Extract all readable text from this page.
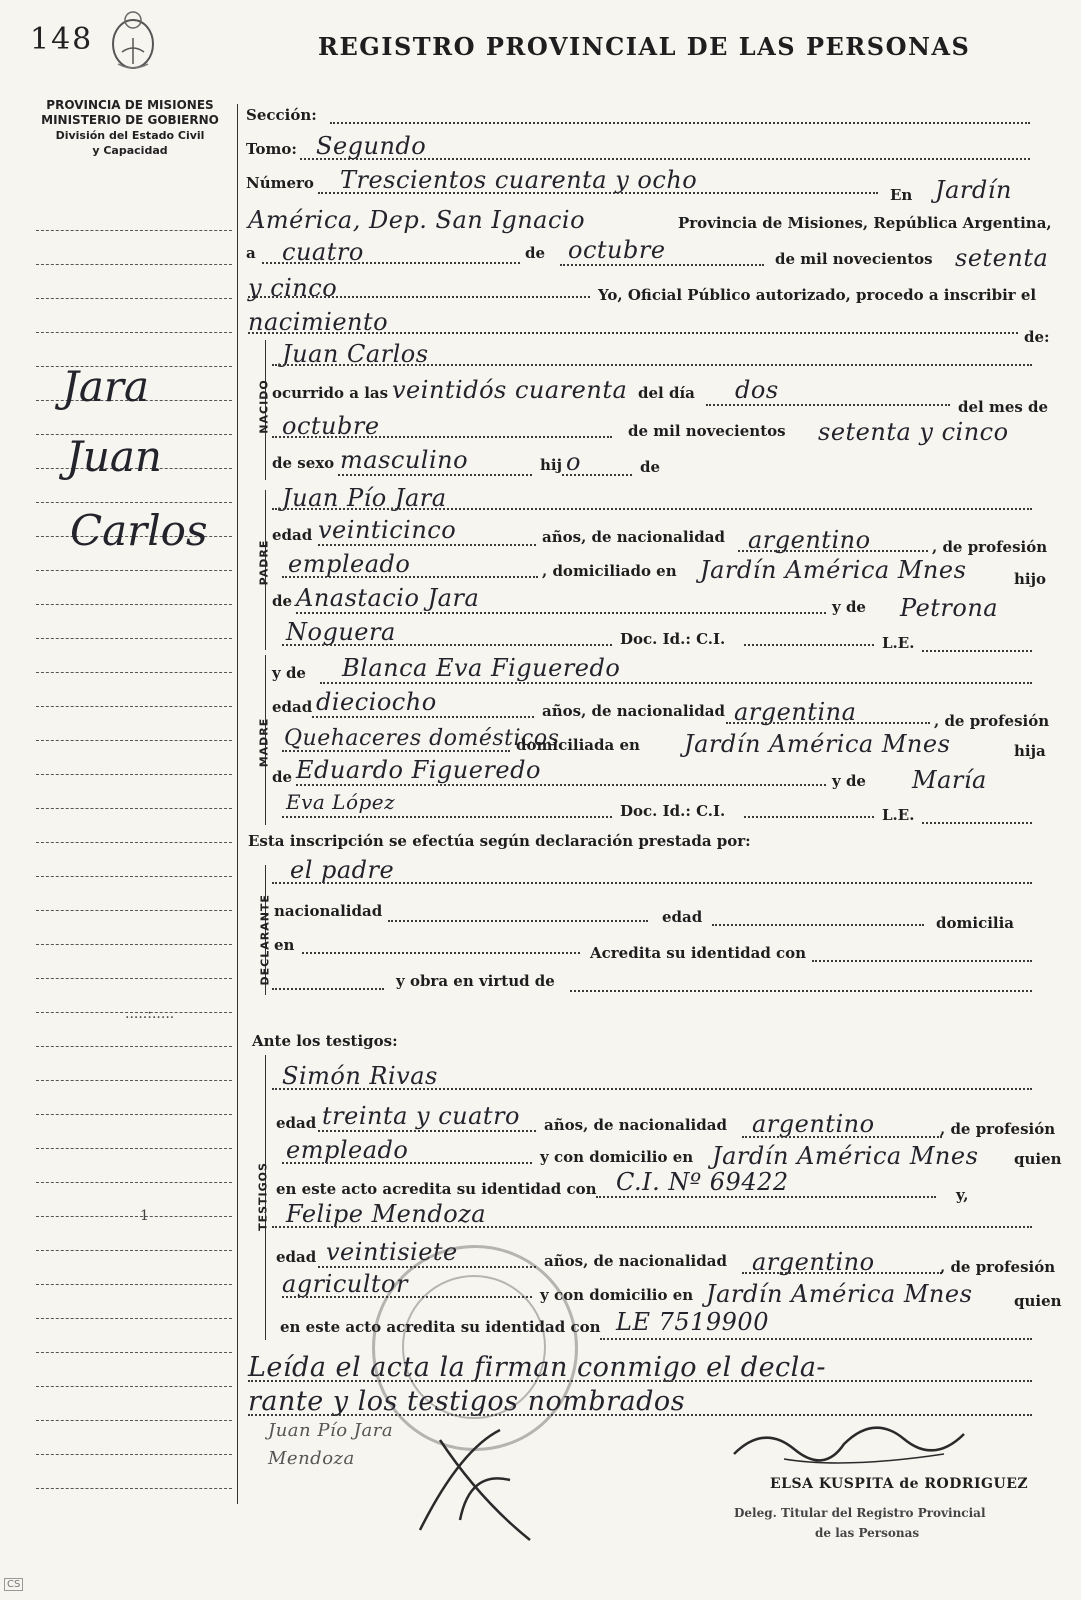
148	REGISTRO PROVINCIAL DE LAS PERSONAS
PROVINCIA DE MISIONES
MINISTERIO DE GOBIERNO
División del Estado Civil
y Capacidad
Jara
Juan
Carlos
.....:.....
1
NACIDO
PADRE
MADRE
DECLARANTE
TESTIGOS
Sección:
Tomo: Segundo
Número Trescientos cuarenta y ocho
En Jardín
América, Dep. San Ignacio	Provincia de Misiones, República Argentina,
a cuatro	de octubre	de mil novecientos setenta
y cinco	Yo, Oficial Público autorizado, procedo a inscribir el
nacimiento
de:
Juan Carlos
ocurrido a las veintidós cuarenta del día dos
del mes de
octubre	de mil novecientos setenta y cinco
de sexo masculino	hij o	de
Juan Pío Jara
edad veinticinco	años, de nacionalidad argentino	, de profesión
empleado	, domiciliado en Jardín América Mnes	hijo
de Anastacio Jara	y de Petrona
Noguera	Doc. Id.: C.I.	L.E.
y de Blanca Eva Figueredo
edad dieciocho	años, de nacionalidad argentina	, de profesión
Quehaceres domésticos
domiciliada en Jardín América Mnes	hija
de Eduardo Figueredo	y de María
Eva López	Doc. Id.: C.I.	L.E.
Esta inscripción se efectúa según declaración prestada por:
el padre
nacionalidad	edad	domicilia
en	Acredita su identidad con
y obra en virtud de
Ante los testigos:
Simón Rivas
edad treinta y cuatro años, de nacionalidad argentino	, de profesión
empleado	y con domicilio en Jardín América Mnes quien
en este acto acredita su identidad con C.I. Nº 69422	y,
Felipe Mendoza
edad veintisiete	años, de nacionalidad argentino	, de profesión
agricultor	y con domicilio en Jardín América Mnes	quien
en este acto acredita su identidad con LE 7519900
Leída el acta la firman conmigo el decla-
rante y los testigos nombrados
Juan Pío Jara
Mendoza
ELSA KUSPITA de RODRIGUEZ
Deleg. Titular del Registro Provincial
de las Personas
CS
